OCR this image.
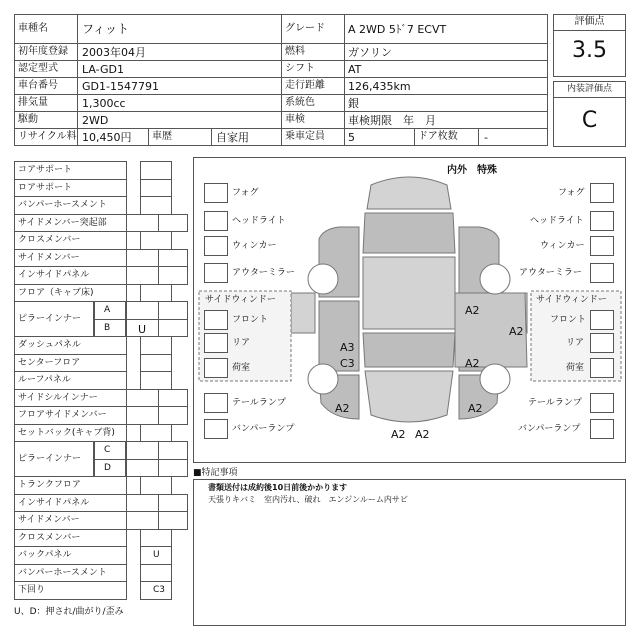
車種名	フィット
初年度登録 2003年04月
認定型式 LA-GD1
車台番号 GD1-1547791
排気量	1,300cc
駆動	2WD
リサイクル料 10,450円 車歴	自家用
グレード A 2WD 5ﾄﾞ7 ECVT
燃料	ガソリン
シフト	AT
走行距離 126,435km
系統色	銀
車検	車検期限　年　月
乗車定員 5	ドア枚数 -
評価点
3.5
内装評価点
C
コアサポート
ロアサポート
バンパーホースメント
サイドメンバー突起部
クロスメンバー
サイドメンバー
インサイドパネル
フロア（キャブ床)
ピラーインナー
A
B	U
ダッシュパネル
センターフロア
ルーフパネル
サイドシルインナー
フロアサイドメンバー
セットバック(キャブ背)
ピラーインナー
C
D
トランクフロア
インサイドパネル
サイドメンバー
クロスメンバー
バックパネル	U
バンパーホースメント
下回り	C3
U、D：押され/曲がり/歪み
内外　特殊
フォグ
ヘッドライト
ウィンカー
アウターミラー
フォグ
ヘッドライト
ウィンカー
アウターミラー
サイドウィンドー
フロント
リア
荷室
サイドウィンドー
フロント
リア
荷室
テールランプ
バンパーランプ
テールランプ
バンパーランプ
A3
C3
A2
A2
A2
A2
A2
A2 A2
■特記事項
書類送付は成約後10日前後かかります
天張りキバミ　室内汚れ、破れ　エンジンルーム内サビ
